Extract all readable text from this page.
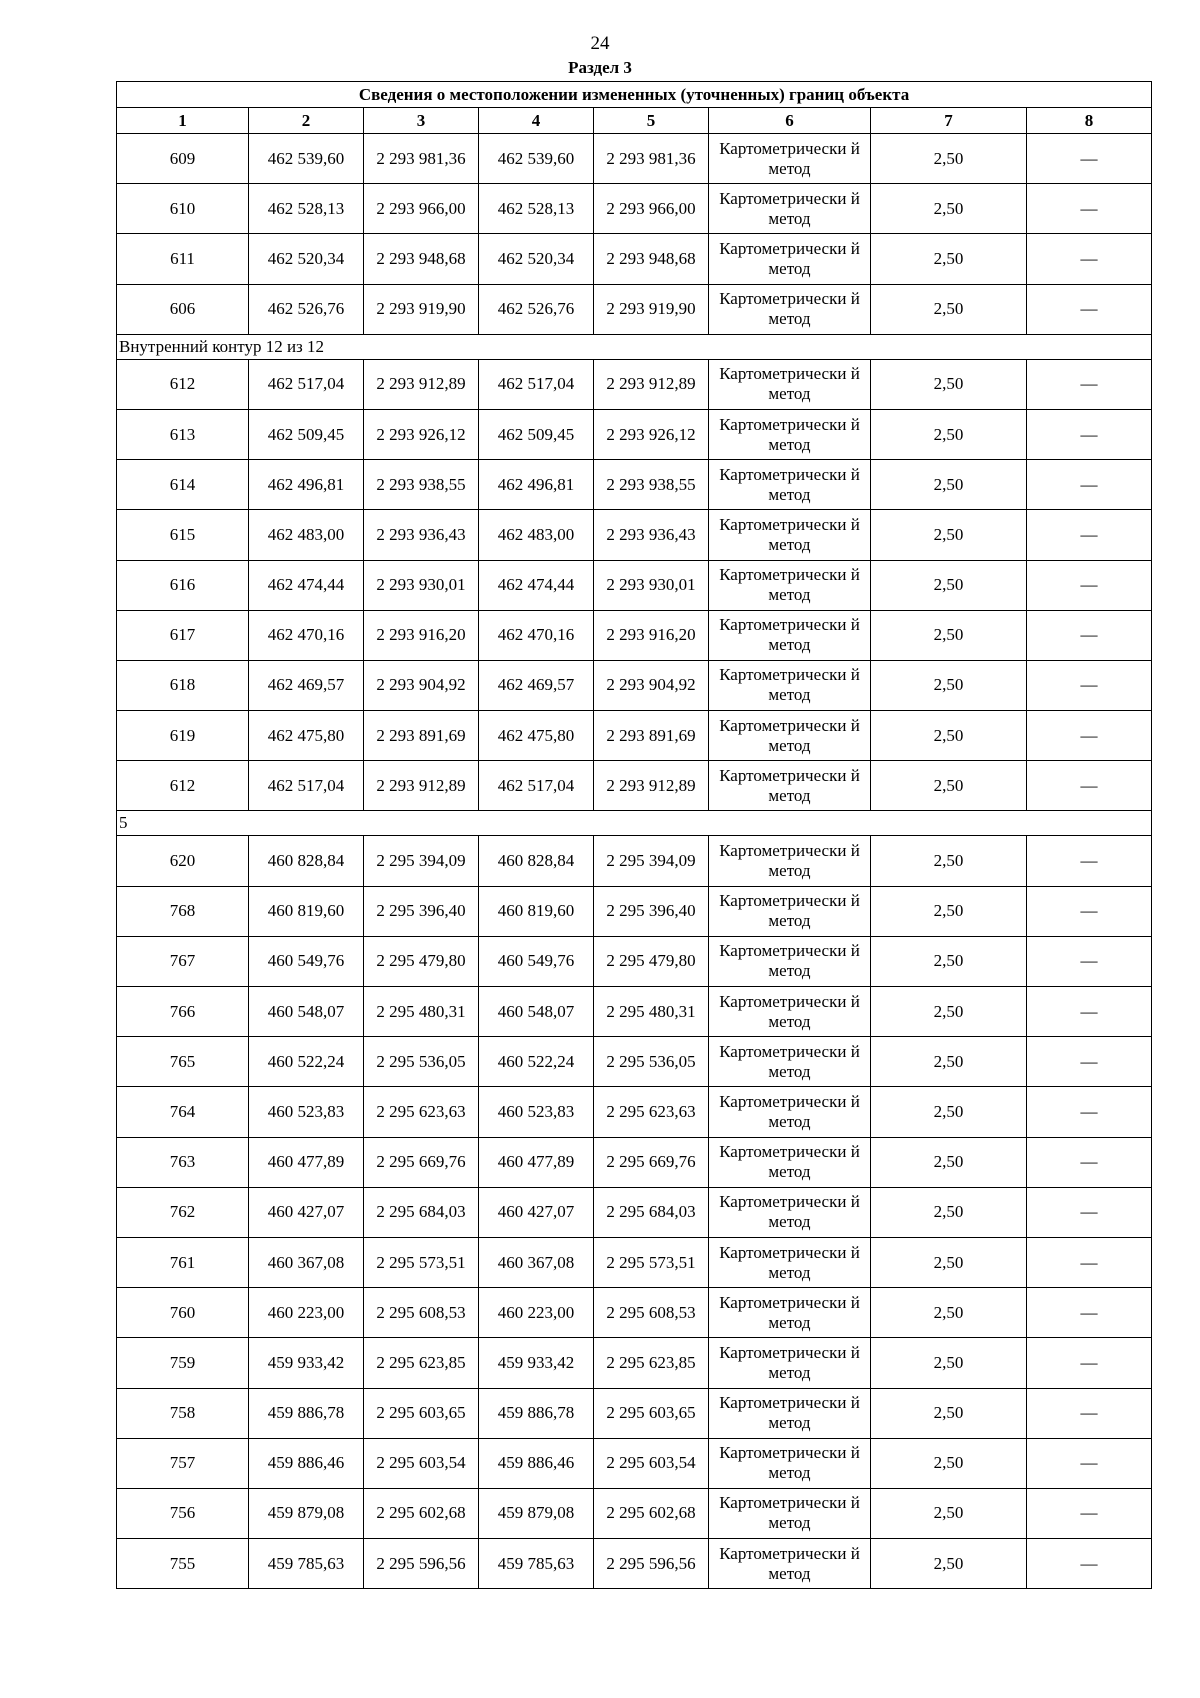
24
Раздел 3
Сведения о местоположении измененных (уточненных) границ объекта							
1	2	3	4	5	6	7	8
609	462 539,60	2 293 981,36	462 539,60	2 293 981,36	Картометрически й метод	2,50	—
610	462 528,13	2 293 966,00	462 528,13	2 293 966,00	Картометрически й метод	2,50	—
611	462 520,34	2 293 948,68	462 520,34	2 293 948,68	Картометрически й метод	2,50	—
606	462 526,76	2 293 919,90	462 526,76	2 293 919,90	Картометрически й метод	2,50	—
Внутренний контур 12 из 12							
612	462 517,04	2 293 912,89	462 517,04	2 293 912,89	Картометрически й метод	2,50	—
613	462 509,45	2 293 926,12	462 509,45	2 293 926,12	Картометрически й метод	2,50	—
614	462 496,81	2 293 938,55	462 496,81	2 293 938,55	Картометрически й метод	2,50	—
615	462 483,00	2 293 936,43	462 483,00	2 293 936,43	Картометрически й метод	2,50	—
616	462 474,44	2 293 930,01	462 474,44	2 293 930,01	Картометрически й метод	2,50	—
617	462 470,16	2 293 916,20	462 470,16	2 293 916,20	Картометрически й метод	2,50	—
618	462 469,57	2 293 904,92	462 469,57	2 293 904,92	Картометрически й метод	2,50	—
619	462 475,80	2 293 891,69	462 475,80	2 293 891,69	Картометрически й метод	2,50	—
612	462 517,04	2 293 912,89	462 517,04	2 293 912,89	Картометрически й метод	2,50	—
5							
620	460 828,84	2 295 394,09	460 828,84	2 295 394,09	Картометрически й метод	2,50	—
768	460 819,60	2 295 396,40	460 819,60	2 295 396,40	Картометрически й метод	2,50	—
767	460 549,76	2 295 479,80	460 549,76	2 295 479,80	Картометрически й метод	2,50	—
766	460 548,07	2 295 480,31	460 548,07	2 295 480,31	Картометрически й метод	2,50	—
765	460 522,24	2 295 536,05	460 522,24	2 295 536,05	Картометрически й метод	2,50	—
764	460 523,83	2 295 623,63	460 523,83	2 295 623,63	Картометрически й метод	2,50	—
763	460 477,89	2 295 669,76	460 477,89	2 295 669,76	Картометрически й метод	2,50	—
762	460 427,07	2 295 684,03	460 427,07	2 295 684,03	Картометрически й метод	2,50	—
761	460 367,08	2 295 573,51	460 367,08	2 295 573,51	Картометрически й метод	2,50	—
760	460 223,00	2 295 608,53	460 223,00	2 295 608,53	Картометрически й метод	2,50	—
759	459 933,42	2 295 623,85	459 933,42	2 295 623,85	Картометрически й метод	2,50	—
758	459 886,78	2 295 603,65	459 886,78	2 295 603,65	Картометрически й метод	2,50	—
757	459 886,46	2 295 603,54	459 886,46	2 295 603,54	Картометрически й метод	2,50	—
756	459 879,08	2 295 602,68	459 879,08	2 295 602,68	Картометрически й метод	2,50	—
755	459 785,63	2 295 596,56	459 785,63	2 295 596,56	Картометрически й метод	2,50	—
